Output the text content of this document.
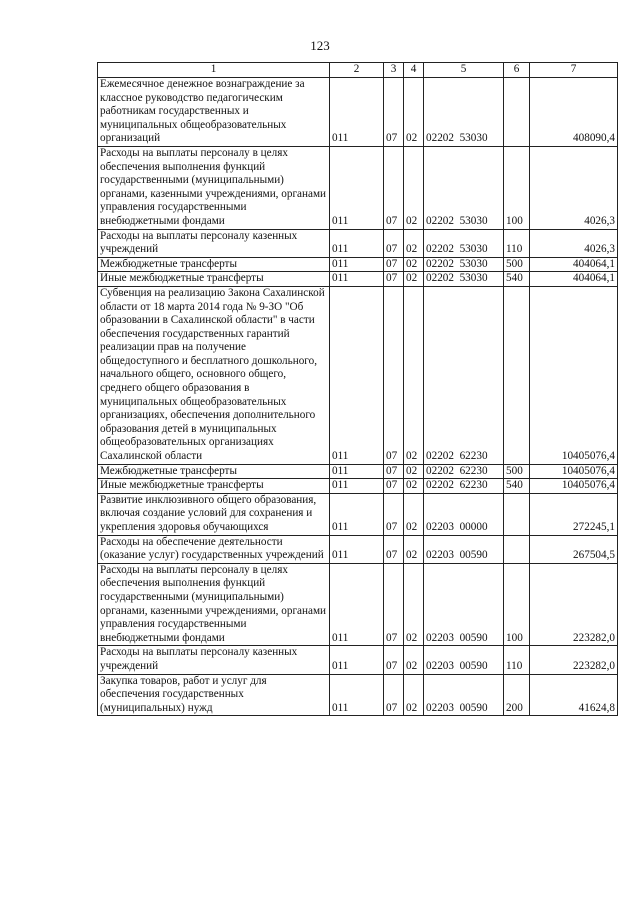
123
1	2	3	4	5	6	7
Ежемесячное денежное вознаграждение за классное руководство педагогическим работникам государственных и муниципальных общеобразовательных организаций	011	07	02	02202  53030		408090,4
Расходы на выплаты персоналу в целях обеспечения выполнения функций государственными (муниципальными) органами, казенными учреждениями, органами управления государственными внебюджетными фондами	011	07	02	02202  53030	100	4026,3
Расходы на выплаты персоналу казенных учреждений	011	07	02	02202  53030	110	4026,3
Межбюджетные трансферты	011	07	02	02202  53030	500	404064,1
Иные межбюджетные трансферты	011	07	02	02202  53030	540	404064,1
Субвенция на реализацию Закона Сахалинской области от 18 марта 2014 года № 9-ЗО "Об образовании в Сахалинской области" в части обеспечения государственных гарантий реализации прав на получение общедоступного и бесплатного дошкольного, начального общего, основного общего, среднего общего образования в муниципальных общеобразовательных организациях, обеспечения дополнительного образования детей в муниципальных общеобразовательных организациях Сахалинской области	011	07	02	02202  62230		10405076,4
Межбюджетные трансферты	011	07	02	02202  62230	500	10405076,4
Иные межбюджетные трансферты	011	07	02	02202  62230	540	10405076,4
Развитие инклюзивного общего образования, включая создание условий для сохранения и укрепления здоровья обучающихся	011	07	02	02203  00000		272245,1
Расходы на обеспечение деятельности (оказание услуг) государственных учреждений	011	07	02	02203  00590		267504,5
Расходы на выплаты персоналу в целях обеспечения выполнения функций государственными (муниципальными) органами, казенными учреждениями, органами управления государственными внебюджетными фондами	011	07	02	02203  00590	100	223282,0
Расходы на выплаты персоналу казенных учреждений	011	07	02	02203  00590	110	223282,0
Закупка товаров, работ и услуг для обеспечения государственных (муниципальных) нужд	011	07	02	02203  00590	200	41624,8
